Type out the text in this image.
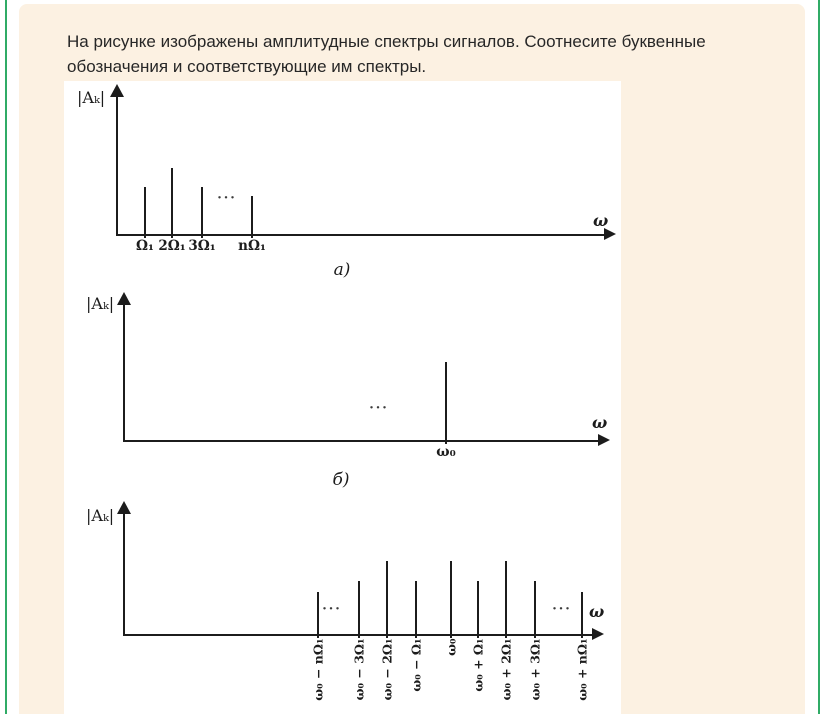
На рисунке изображены амплитудные спектры сигналов. Соотнесите буквенные обозначения и соответствующие им спектры.
|Aₖ|
ω
···
Ω₁ 2Ω₁ 3Ω₁	nΩ₁
а)
|Aₖ|
ω
···
ω₀
б)
|Aₖ|
ω
···	···
ω₀ − nΩ₁ ω₀ − 3Ω₁ ω₀ − 2Ω₁ ω₀ − Ω₁ ω₀ ω₀ + Ω₁ ω₀ + 2Ω₁ ω₀ + 3Ω₁	ω₀ + nΩ₁
